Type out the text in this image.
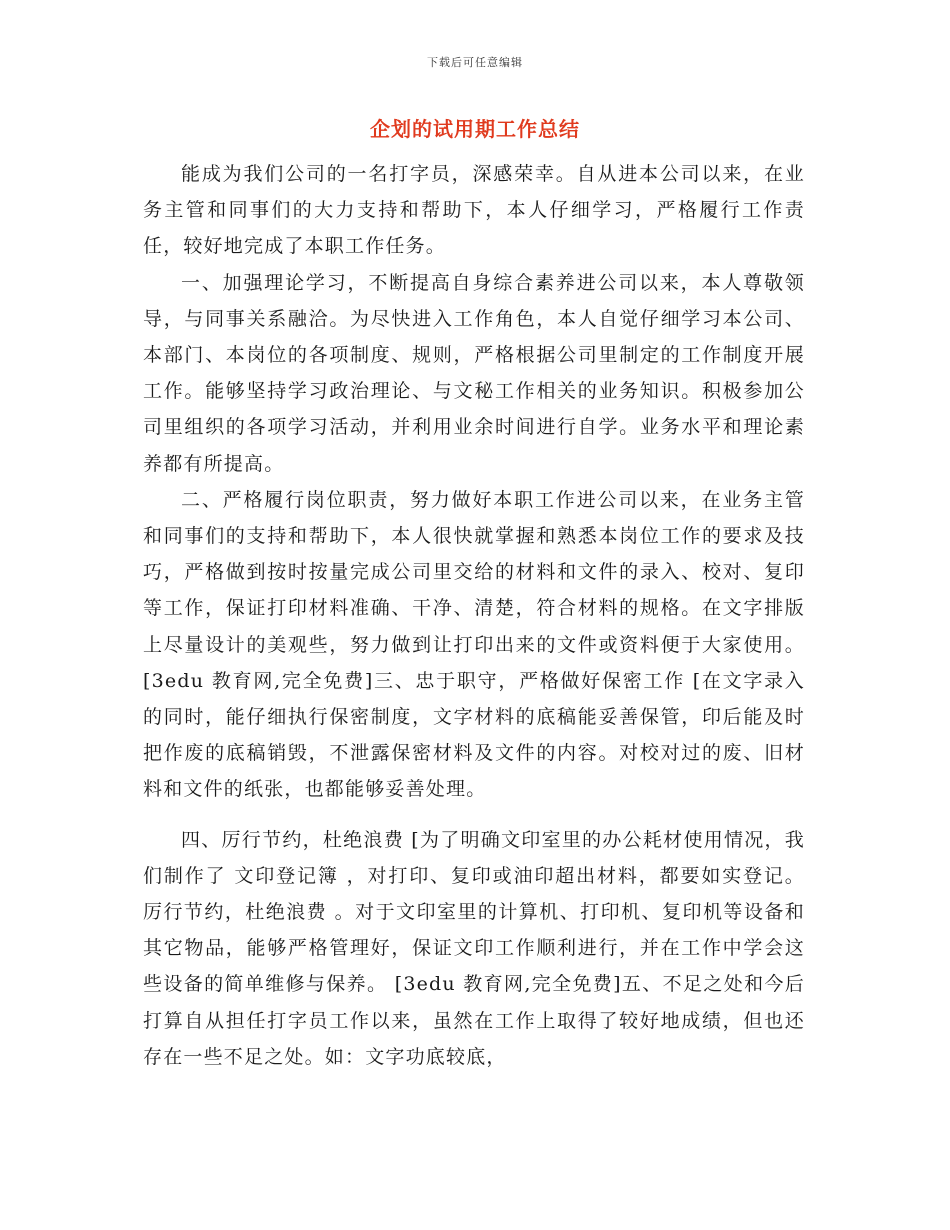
下载后可任意编辑
企划的试用期工作总结

能成为我们公司的一名打字员，深感荣幸。自从进本公司以来，在业务主管和同事们的大力支持和帮助下，本人仔细学习，严格履行工作责任，较好地完成了本职工作任务。

一、加强理论学习，不断提高自身综合素养进公司以来，本人尊敬领导，与同事关系融洽。为尽快进入工作角色，本人自觉仔细学习本公司、本部门、本岗位的各项制度、规则，严格根据公司里制定的工作制度开展工作。能够坚持学习政治理论、与文秘工作相关的业务知识。积极参加公司里组织的各项学习活动，并利用业余时间进行自学。业务水平和理论素养都有所提高。

二、严格履行岗位职责，努力做好本职工作进公司以来，在业务主管和同事们的支持和帮助下，本人很快就掌握和熟悉本岗位工作的要求及技巧，严格做到按时按量完成公司里交给的材料和文件的录入、校对、复印等工作，保证打印材料准确、干净、清楚，符合材料的规格。在文字排版上尽量设计的美观些，努力做到让打印出来的文件或资料便于大家使用。 [3edu 教育网,完全免费]三、忠于职守，严格做好保密工作 [在文字录入的同时，能仔细执行保密制度，文字材料的底稿能妥善保管，印后能及时把作废的底稿销毁，不泄露保密材料及文件的内容。对校对过的废、旧材料和文件的纸张，也都能够妥善处理。

四、厉行节约，杜绝浪费 [为了明确文印室里的办公耗材使用情况，我们制作了 文印登记簿 ，对打印、复印或油印超出材料，都要如实登记。 厉行节约，杜绝浪费 。对于文印室里的计算机、打印机、复印机等设备和其它物品，能够严格管理好，保证文印工作顺利进行，并在工作中学会这些设备的简单维修与保养。 [3edu 教育网,完全免费]五、不足之处和今后打算自从担任打字员工作以来，虽然在工作上取得了较好地成绩，但也还存在一些不足之处。如：文字功底较底，
